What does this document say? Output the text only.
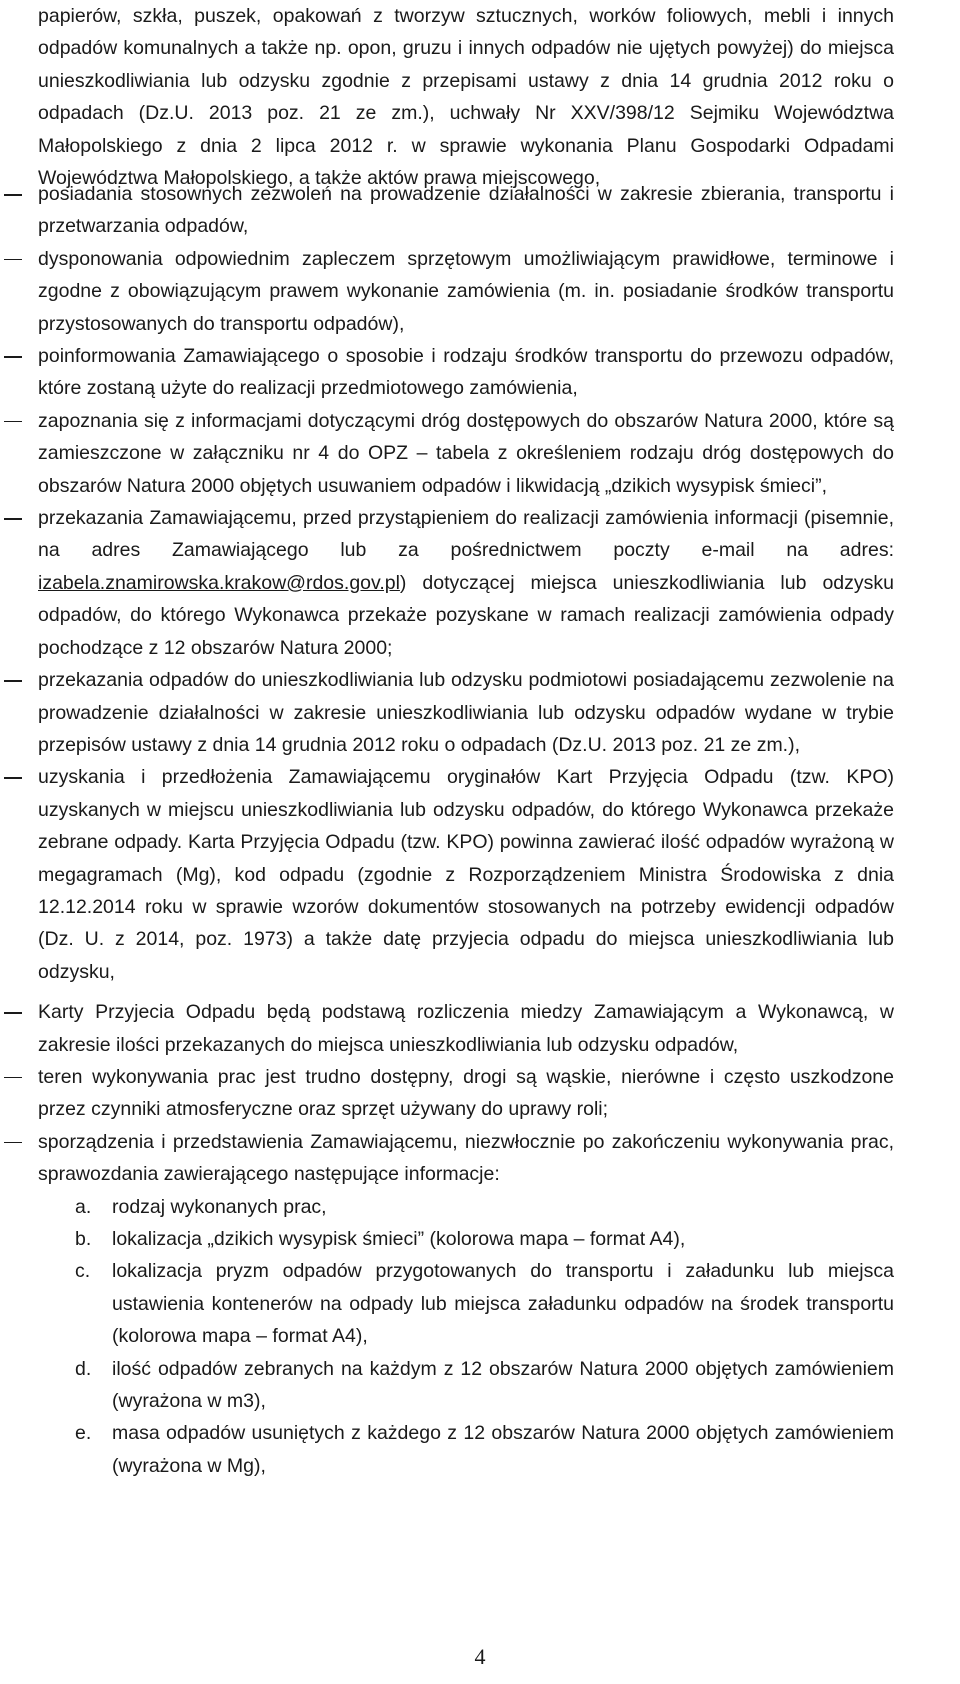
papierów, szkła, puszek, opakowań z tworzyw sztucznych, worków foliowych, mebli i innych odpadów komunalnych a także np. opon, gruzu i innych odpadów nie ujętych powyżej) do miejsca unieszkodliwiania lub odzysku zgodnie z przepisami ustawy z dnia 14 grudnia 2012 roku o odpadach (Dz.U. 2013 poz. 21 ze zm.), uchwały Nr XXV/398/12 Sejmiku Województwa Małopolskiego z dnia 2 lipca 2012 r. w sprawie wykonania Planu Gospodarki Odpadami Województwa Małopolskiego, a także aktów prawa miejscowego,
posiadania stosownych zezwoleń na prowadzenie działalności w zakresie zbierania, transportu i przetwarzania odpadów,
dysponowania odpowiednim zapleczem sprzętowym umożliwiającym prawidłowe, terminowe i zgodne z obowiązującym prawem wykonanie zamówienia (m. in. posiadanie środków transportu przystosowanych do transportu odpadów),
poinformowania Zamawiającego o sposobie i rodzaju środków transportu do przewozu odpadów, które zostaną użyte do realizacji przedmiotowego zamówienia,
zapoznania się z informacjami dotyczącymi dróg dostępowych do obszarów Natura 2000, które są zamieszczone w załączniku nr 4 do OPZ – tabela z określeniem rodzaju dróg dostępowych do obszarów Natura 2000 objętych usuwaniem odpadów i likwidacją „dzikich wysypisk śmieci”,
przekazania Zamawiającemu, przed przystąpieniem do realizacji zamówienia informacji (pisemnie, na adres Zamawiającego lub za pośrednictwem poczty e-mail na adres: izabela.znamirowska.krakow@rdos.gov.pl) dotyczącej miejsca unieszkodliwiania lub odzysku odpadów, do którego Wykonawca przekaże pozyskane w ramach realizacji zamówienia odpady pochodzące z 12 obszarów Natura 2000;
przekazania odpadów do unieszkodliwiania lub odzysku podmiotowi posiadającemu zezwolenie na prowadzenie działalności w zakresie unieszkodliwiania lub odzysku odpadów wydane w trybie przepisów ustawy z dnia 14 grudnia 2012 roku o odpadach (Dz.U. 2013 poz. 21 ze zm.),
uzyskania i przedłożenia Zamawiającemu oryginałów Kart Przyjęcia Odpadu (tzw. KPO) uzyskanych w miejscu unieszkodliwiania lub odzysku odpadów, do którego Wykonawca przekaże zebrane odpady. Karta Przyjęcia Odpadu (tzw. KPO) powinna zawierać ilość odpadów wyrażoną w megagramach (Mg), kod odpadu (zgodnie z Rozporządzeniem Ministra Środowiska z dnia 12.12.2014 roku w sprawie wzorów dokumentów stosowanych na potrzeby ewidencji odpadów (Dz. U. z 2014, poz. 1973) a także datę przyjecia odpadu do miejsca unieszkodliwiania lub odzysku,
Karty Przyjecia Odpadu będą podstawą rozliczenia miedzy Zamawiającym a Wykonawcą, w zakresie ilości przekazanych do miejsca unieszkodliwiania lub odzysku odpadów,
teren wykonywania prac jest trudno dostępny, drogi są wąskie, nierówne i często uszkodzone przez czynniki atmosferyczne oraz sprzęt używany do uprawy roli;
sporządzenia i przedstawienia Zamawiającemu, niezwłocznie po zakończeniu wykonywania prac, sprawozdania zawierającego następujące informacje:
a. rodzaj wykonanych prac,
b. lokalizacja „dzikich wysypisk śmieci” (kolorowa mapa – format A4),
c. lokalizacja pryzm odpadów przygotowanych do transportu i załadunku lub miejsca ustawienia kontenerów na odpady lub miejsca załadunku odpadów na środek transportu (kolorowa mapa – format A4),
d. ilość odpadów zebranych na każdym z 12 obszarów Natura 2000 objętych zamówieniem (wyrażona w m3),
e. masa odpadów usuniętych z każdego z 12 obszarów Natura 2000 objętych zamówieniem (wyrażona w Mg),
4
